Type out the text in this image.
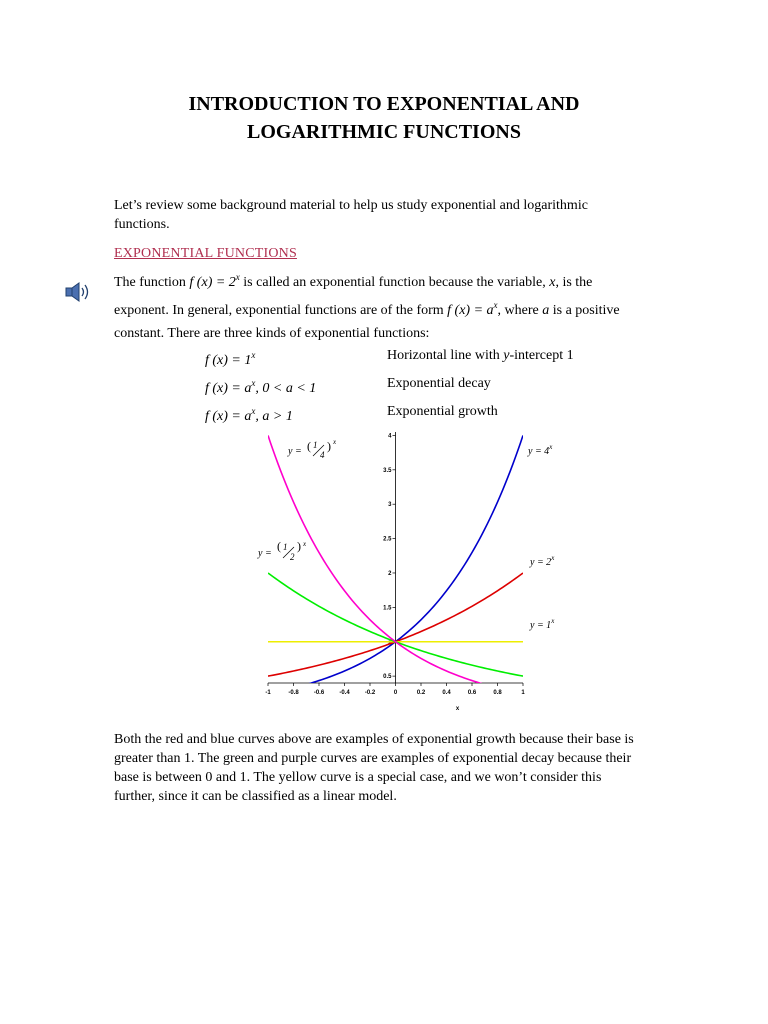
INTRODUCTION TO EXPONENTIAL AND
LOGARITHMIC FUNCTIONS
Let’s review some background material to help us study exponential and logarithmic functions.
EXPONENTIAL FUNCTIONS
The function f $(x) = 2^x$ is called an exponential function because the variable, x, is the exponent. In general, exponential functions are of the form f $(x) = a^x$, where a is a positive constant. There are three kinds of exponential functions:
f $(x) = 1^x$	Horizontal line with y-intercept 1
f $(x) = a^x$, 0 < a < 1	Exponential decay
f $(x) = a^x$, a > 1	Exponential growth
-1	-0.8	-0.6	-0.4	-0.2	0	0.2	0.4	0.6	0.8	1
0.5
1
1.5
2
2.5
3
3.5
4
x
$y = 4^x$
$y = 2^x$
$y = 1^x$
y =
( 1
2
) x
y = ( 1
4
) x
Both the red and blue curves above are examples of exponential growth because their base is greater than 1. The green and purple curves are examples of exponential decay because their base is between 0 and 1. The yellow curve is a special case, and we won’t consider this further, since it can be classified as a linear model.
